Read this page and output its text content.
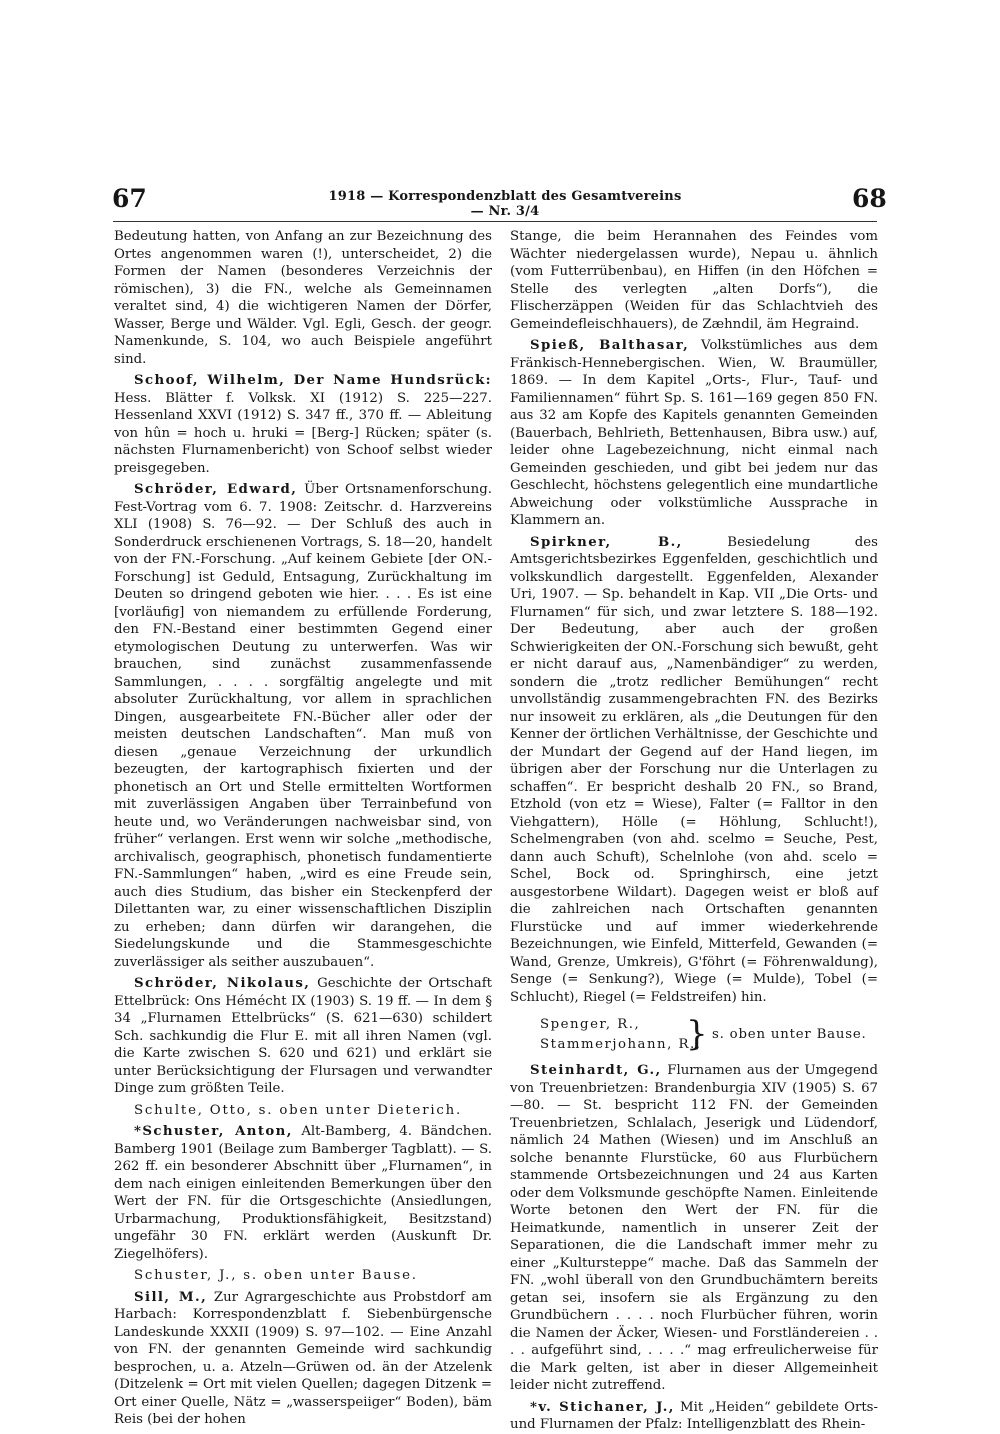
67	1918 — Korrespondenzblatt des Gesamtvereins — Nr. 3/4	68

Bedeutung hatten, von Anfang an zur Bezeichnung des Ortes angenommen waren (!), unterscheidet, 2) die Formen der Namen (besonderes Verzeichnis der römischen), 3) die FN., welche als Gemeinnamen veraltet sind, 4) die wichtigeren Namen der Dörfer, Wasser, Berge und Wälder. Vgl. Egli, Gesch. der geogr. Namenkunde, S. 104, wo auch Beispiele angeführt sind.

Schoof, Wilhelm, Der Name Hundsrück: Hess. Blätter f. Volksk. XI (1912) S. 225—227. Hessenland XXVI (1912) S. 347 ff., 370 ff. — Ableitung von hûn = hoch u. hruki = [Berg-] Rücken; später (s. nächsten Flurnamenbericht) von Schoof selbst wieder preisgegeben.

Schröder, Edward, Über Ortsnamenforschung. Fest-Vortrag vom 6. 7. 1908: Zeitschr. d. Harzvereins XLI (1908) S. 76—92. — Der Schluß des auch in Sonderdruck erschienenen Vortrags, S. 18—20, handelt von der FN.-Forschung. „Auf keinem Gebiete [der ON.-Forschung] ist Geduld, Entsagung, Zurückhaltung im Deuten so dringend geboten wie hier. . . . Es ist eine [vorläufig] von niemandem zu erfüllende Forderung, den FN.-Bestand einer bestimmten Gegend einer etymologischen Deutung zu unterwerfen. Was wir brauchen, sind zunächst zusammenfassende Sammlungen, . . . . sorgfältig angelegte und mit absoluter Zurückhaltung, vor allem in sprachlichen Dingen, ausgearbeitete FN.-Bücher aller oder der meisten deutschen Landschaften“. Man muß von diesen „genaue Verzeichnung der urkundlich bezeugten, der kartographisch fixierten und der phonetisch an Ort und Stelle ermittelten Wortformen mit zuverlässigen Angaben über Terrainbefund von heute und, wo Veränderungen nachweisbar sind, von früher“ verlangen. Erst wenn wir solche „methodische, archivalisch, geographisch, phonetisch fundamentierte FN.-Sammlungen“ haben, „wird es eine Freude sein, auch dies Studium, das bisher ein Steckenpferd der Dilettanten war, zu einer wissenschaftlichen Disziplin zu erheben; dann dürfen wir darangehen, die Siedelungskunde und die Stammesgeschichte zuverlässiger als seither auszubauen“.

Schröder, Nikolaus, Geschichte der Ortschaft Ettelbrück: Ons Hémécht IX (1903) S. 19 ff. — In dem § 34 „Flurnamen Ettelbrücks“ (S. 621—630) schildert Sch. sachkundig die Flur E. mit all ihren Namen (vgl. die Karte zwischen S. 620 und 621) und erklärt sie unter Berücksichtigung der Flursagen und verwandter Dinge zum größten Teile.

Schulte, Otto, s. oben unter Dieterich.

*Schuster, Anton, Alt-Bamberg, 4. Bändchen. Bamberg 1901 (Beilage zum Bamberger Tagblatt). — S. 262 ff. ein besonderer Abschnitt über „Flurnamen“, in dem nach einigen einleitenden Bemerkungen über den Wert der FN. für die Ortsgeschichte (Ansiedlungen, Urbarmachung, Produktionsfähigkeit, Besitzstand) ungefähr 30 FN. erklärt werden (Auskunft Dr. Ziegelhöfers).

Schuster, J., s. oben unter Bause.

Sill, M., Zur Agrargeschichte aus Probstdorf am Harbach: Korrespondenzblatt f. Siebenbürgensche Landeskunde XXXII (1909) S. 97—102. — Eine Anzahl von FN. der genannten Gemeinde wird sachkundig besprochen, u. a. Atzeln—Grüwen od. än der Atzelenk (Ditzelenk = Ort mit vielen Quellen; dagegen Ditzenk = Ort einer Quelle, Nätz = „wasserspeiiger“ Boden), bäm Reis (bei der hohen

Stange, die beim Herannahen des Feindes vom Wächter niedergelassen wurde), Nepau u. ähnlich (vom Futterrübenbau), en Hiffen (in den Höfchen = Stelle des verlegten „alten Dorfs“), die Flischerzäppen (Weiden für das Schlachtvieh des Gemeindefleischhauers), de Zæhndil, äm Hegraind.

Spieß, Balthasar, Volkstümliches aus dem Fränkisch-Hennebergischen. Wien, W. Braumüller, 1869. — In dem Kapitel „Orts-, Flur-, Tauf- und Familiennamen“ führt Sp. S. 161—169 gegen 850 FN. aus 32 am Kopfe des Kapitels genannten Gemeinden (Bauerbach, Behlrieth, Bettenhausen, Bibra usw.) auf, leider ohne Lagebezeichnung, nicht einmal nach Gemeinden geschieden, und gibt bei jedem nur das Geschlecht, höchstens gelegentlich eine mundartliche Abweichung oder volkstümliche Aussprache in Klammern an.

Spirkner, B., Besiedelung des Amtsgerichtsbezirkes Eggenfelden, geschichtlich und volkskundlich dargestellt. Eggenfelden, Alexander Uri, 1907. — Sp. behandelt in Kap. VII „Die Orts- und Flurnamen“ für sich, und zwar letztere S. 188—192. Der Bedeutung, aber auch der großen Schwierigkeiten der ON.-Forschung sich bewußt, geht er nicht darauf aus, „Namenbändiger“ zu werden, sondern die „trotz redlicher Bemühungen“ recht unvollständig zusammengebrachten FN. des Bezirks nur insoweit zu erklären, als „die Deutungen für den Kenner der örtlichen Verhältnisse, der Geschichte und der Mundart der Gegend auf der Hand liegen, im übrigen aber der Forschung nur die Unterlagen zu schaffen“. Er bespricht deshalb 20 FN., so Brand, Etzhold (von etz = Wiese), Falter (= Falltor in den Viehgattern), Hölle (= Höhlung, Schlucht!), Schelmengraben (von ahd. scelmo = Seuche, Pest, dann auch Schuft), Schelnlohe (von ahd. scelo = Schel, Bock od. Springhirsch, eine jetzt ausgestorbene Wildart). Dagegen weist er bloß auf die zahlreichen nach Ortschaften genannten Flurstücke und auf immer wiederkehrende Bezeichnungen, wie Einfeld, Mitterfeld, Gewanden (= Wand, Grenze, Umkreis), G'föhrt (= Föhrenwaldung), Senge (= Senkung?), Wiege (= Mulde), Tobel (= Schlucht), Riegel (= Feldstreifen) hin.

Spenger, R.,
Stammerjohann, R.,
} s. oben unter Bause.

Steinhardt, G., Flurnamen aus der Umgegend von Treuenbrietzen: Brandenburgia XIV (1905) S. 67—80. — St. bespricht 112 FN. der Gemeinden Treuenbrietzen, Schlalach, Jeserigk und Lüdendorf, nämlich 24 Mathen (Wiesen) und im Anschluß an solche benannte Flurstücke, 60 aus Flurbüchern stammende Ortsbezeichnungen und 24 aus Karten oder dem Volksmunde geschöpfte Namen. Einleitende Worte betonen den Wert der FN. für die Heimatkunde, namentlich in unserer Zeit der Separationen, die die Landschaft immer mehr zu einer „Kultursteppe“ mache. Daß das Sammeln der FN. „wohl überall von den Grundbuchämtern bereits getan sei, insofern sie als Ergänzung zu den Grundbüchern . . . . noch Flurbücher führen, worin die Namen der Äcker, Wiesen- und Forstländereien . . . . aufgeführt sind, . . . .“ mag erfreulicherweise für die Mark gelten, ist aber in dieser Allgemeinheit leider nicht zutreffend.

*v. Stichaner, J., Mit „Heiden“ gebildete Orts- und Flurnamen der Pfalz: Intelligenzblatt des Rhein-
